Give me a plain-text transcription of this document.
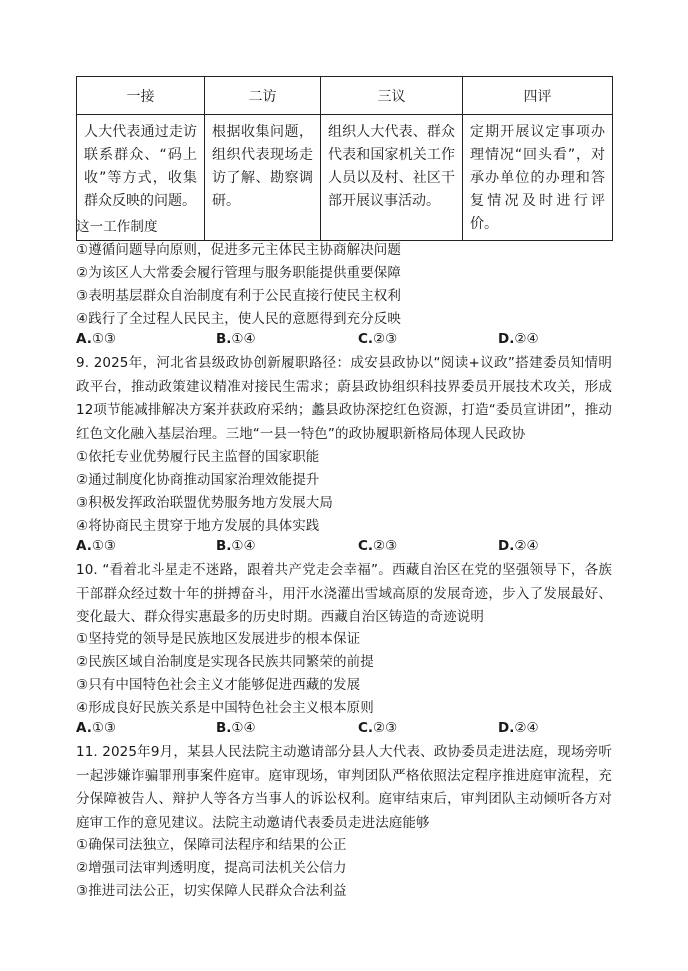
一接	二访	三议	四评
人大代表通过走访联系群众、“码上收”等方式，收集群众反映的问题。	根据收集问题，组织代表现场走访了解、勘察调研。	组织人大代表、群众代表和国家机关工作人员以及村、社区干部开展议事活动。	定期开展议定事项办理情况“回头看”，对承办单位的办理和答复情况及时进行评价。
这一工作制度
①遵循问题导向原则，促进多元主体民主协商解决问题
②为该区人大常委会履行管理与服务职能提供重要保障
③表明基层群众自治制度有利于公民直接行使民主权利
④践行了全过程人民民主，使人民的意愿得到充分反映
A.①③	B.①④	C.②③	D.②④
9. 2025年，河北省县级政协创新履职路径：成安县政协以“阅读+议政”搭建委员知情明政平台，推动政策建议精准对接民生需求；蔚县政协组织科技界委员开展技术攻关，形成12项节能减排解决方案并获政府采纳；蠡县政协深挖红色资源，打造“委员宣讲团”，推动红色文化融入基层治理。三地“一县一特色”的政协履职新格局体现人民政协
①依托专业优势履行民主监督的国家职能
②通过制度化协商推动国家治理效能提升
③积极发挥政治联盟优势服务地方发展大局
④将协商民主贯穿于地方发展的具体实践
A.①③	B.①④	C.②③	D.②④
10. “看着北斗星走不迷路，跟着共产党走会幸福”。西藏自治区在党的坚强领导下，各族干部群众经过数十年的拼搏奋斗，用汗水浇灌出雪域高原的发展奇迹，步入了发展最好、变化最大、群众得实惠最多的历史时期。西藏自治区铸造的奇迹说明
①坚持党的领导是民族地区发展进步的根本保证
②民族区域自治制度是实现各民族共同繁荣的前提
③只有中国特色社会主义才能够促进西藏的发展
④形成良好民族关系是中国特色社会主义根本原则
A.①③	B.①④	C.②③	D.②④
11. 2025年9月，某县人民法院主动邀请部分县人大代表、政协委员走进法庭，现场旁听一起涉嫌诈骗罪刑事案件庭审。庭审现场，审判团队严格依照法定程序推进庭审流程，充分保障被告人、辩护人等各方当事人的诉讼权利。庭审结束后，审判团队主动倾听各方对庭审工作的意见建议。法院主动邀请代表委员走进法庭能够
①确保司法独立，保障司法程序和结果的公正
②增强司法审判透明度，提高司法机关公信力
③推进司法公正，切实保障人民群众合法利益
